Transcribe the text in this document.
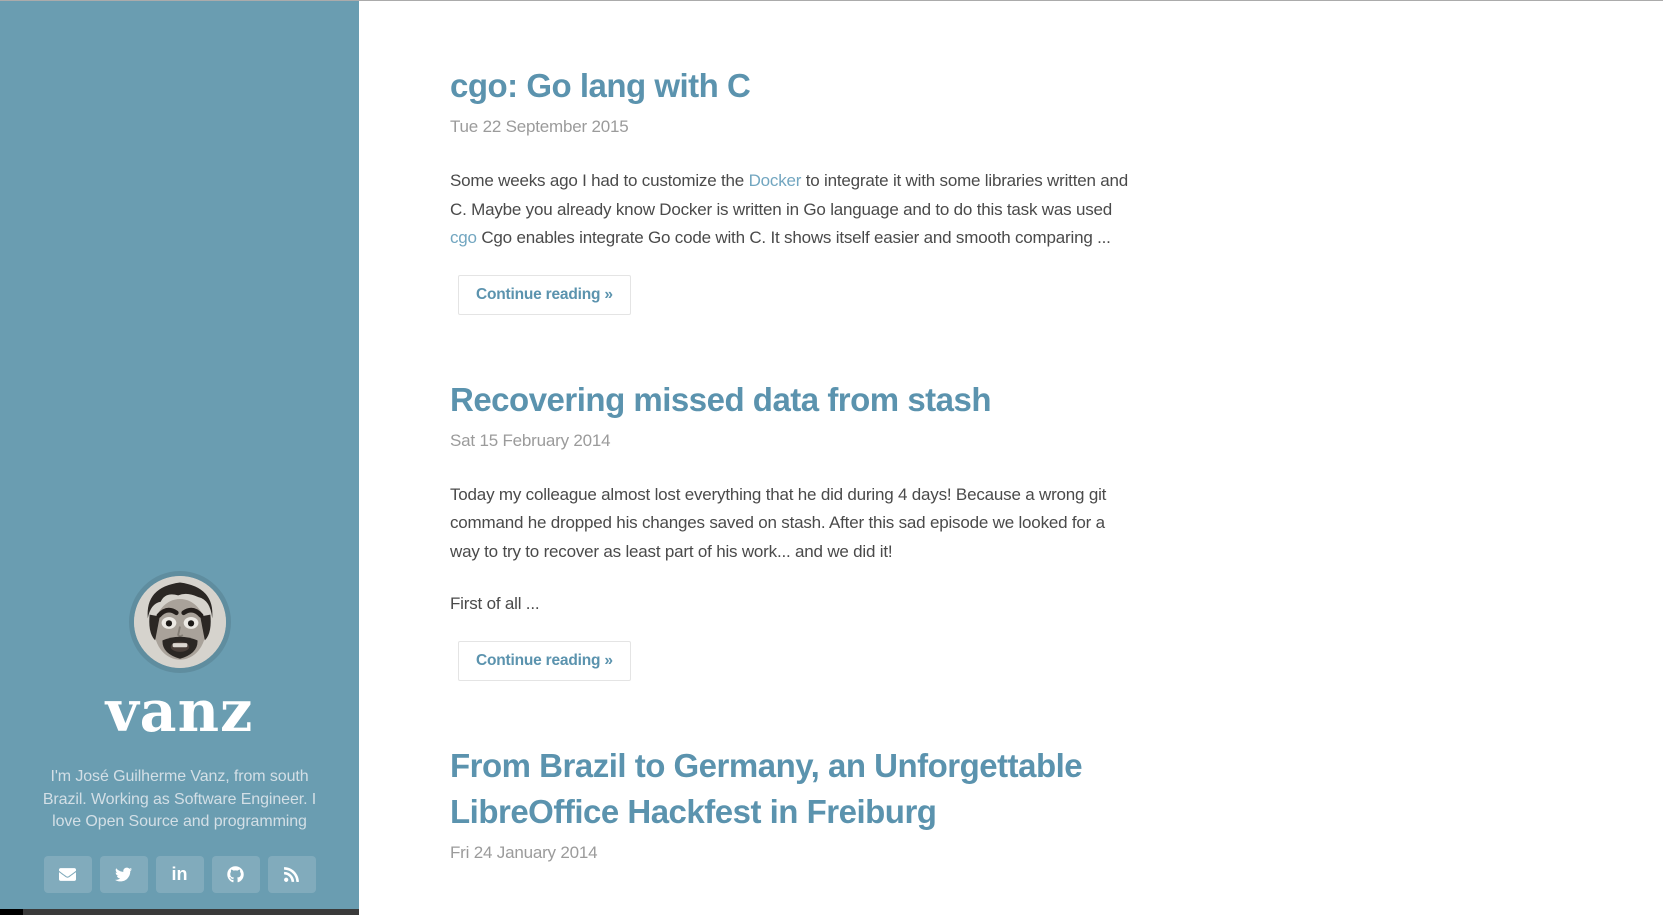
vanz

I'm José Guilherme Vanz, from south Brazil. Working as Software Engineer. I love Open Source and programming

in
cgo: Go lang with C
Tue 22 September 2015

Some weeks ago I had to customize the Docker to integrate it with some libraries written and C. Maybe you already know Docker is written in Go language and to do this task was used cgo Cgo enables integrate Go code with C. It shows itself easier and smooth comparing ...

Continue reading »
Recovering missed data from stash
Sat 15 February 2014

Today my colleague almost lost everything that he did during 4 days! Because a wrong git command he dropped his changes saved on stash. After this sad episode we looked for a way to try to recover as least part of his work... and we did it!

First of all ...

Continue reading »
From Brazil to Germany, an Unforgettable LibreOffice Hackfest in Freiburg
Fri 24 January 2014
